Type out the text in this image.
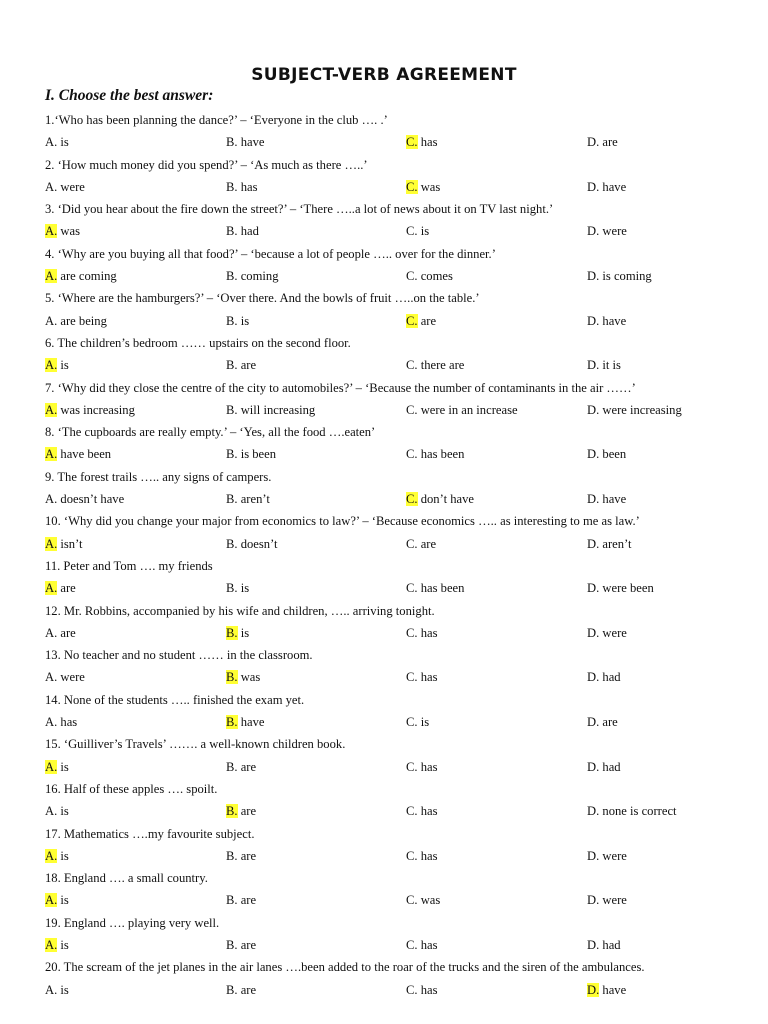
SUBJECT-VERB AGREEMENT
I. Choose the best answer:
1.‘Who has been planning the dance?’ – ‘Everyone in the club …. .’
A. is	B. have	C. has	D. are
2. ‘How much money did you spend?’ – ‘As much as there …..’
A. were	B. has	C. was	D. have
3. ‘Did you hear about the fire down the street?’ – ‘There …..a lot of news about it on TV last night.’
A. was	B. had	C. is	D. were
4. ‘Why are you buying all that food?’ – ‘because a lot of people ….. over for the dinner.’
A. are coming	B. coming	C. comes	D. is coming
5. ‘Where are the hamburgers?’ – ‘Over there. And the bowls of fruit …..on the table.’
A. are being	B. is	C. are	D. have
6. The children’s bedroom …… upstairs on the second floor.
A. is	B. are	C. there are	D. it is
7. ‘Why did they close the centre of the city to automobiles?’ – ‘Because the number of contaminants in the air ……’
A. was increasing	B. will increasing	C. were in an increase	D. were increasing
8. ‘The cupboards are really empty.’ – ‘Yes, all the food ….eaten’
A. have been	B. is been	C. has been	D. been
9. The forest trails ….. any signs of campers.
A. doesn’t have	B. aren’t	C. don’t have	D. have
10. ‘Why did you change your major from economics to law?’ – ‘Because economics ….. as interesting to me as law.’
A. isn’t	B. doesn’t	C. are	D. aren’t
11. Peter and Tom …. my friends
A. are	B. is	C. has been	D. were been
12. Mr. Robbins, accompanied by his wife and children, ….. arriving tonight.
A. are	B. is	C. has	D. were
13. No teacher and no student …… in the classroom.
A. were	B. was	C. has	D. had
14. None of the students ….. finished the exam yet.
A. has	B. have	C. is	D. are
15. ‘Guilliver’s Travels’ ……. a well-known children book.
A. is	B. are	C. has	D. had
16. Half of these apples …. spoilt.
A. is	B. are	C. has	D. none is correct
17. Mathematics ….my favourite subject.
A. is	B. are	C. has	D. were
18. England …. a small country.
A. is	B. are	C. was	D. were
19. England …. playing very well.
A. is	B. are	C. has	D. had
20. The scream of the jet planes in the air lanes ….been added to the roar of the trucks and the siren of the ambulances.
A. is	B. are	C. has	D. have
